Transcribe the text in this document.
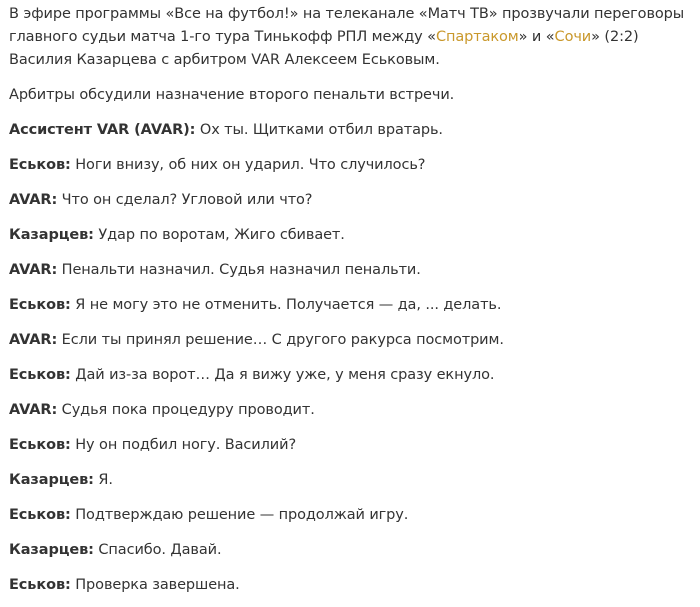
В эфире программы «Все на футбол!» на телеканале «Матч ТВ» прозвучали переговоры главного судьи матча 1-го тура Тинькофф РПЛ между «Спартаком» и «Сочи» (2:2) Василия Казарцева с арбитром VAR Алексеем Еськовым.

Арбитры обсудили назначение второго пенальти встречи.

Ассистент VAR (AVAR): Ох ты. Щитками отбил вратарь.

Еськов: Ноги внизу, об них он ударил. Что случилось?

AVAR: Что он сделал? Угловой или что?

Казарцев: Удар по воротам, Жиго сбивает.

AVAR: Пенальти назначил. Судья назначил пенальти.

Еськов: Я не могу это не отменить. Получается — да, ... делать.

AVAR: Если ты принял решение… С другого ракурса посмотрим.

Еськов: Дай из-за ворот… Да я вижу уже, у меня сразу екнуло.

AVAR: Судья пока процедуру проводит.

Еськов: Ну он подбил ногу. Василий?

Казарцев: Я.

Еськов: Подтверждаю решение — продолжай игру.

Казарцев: Спасибо. Давай.

Еськов: Проверка завершена.
